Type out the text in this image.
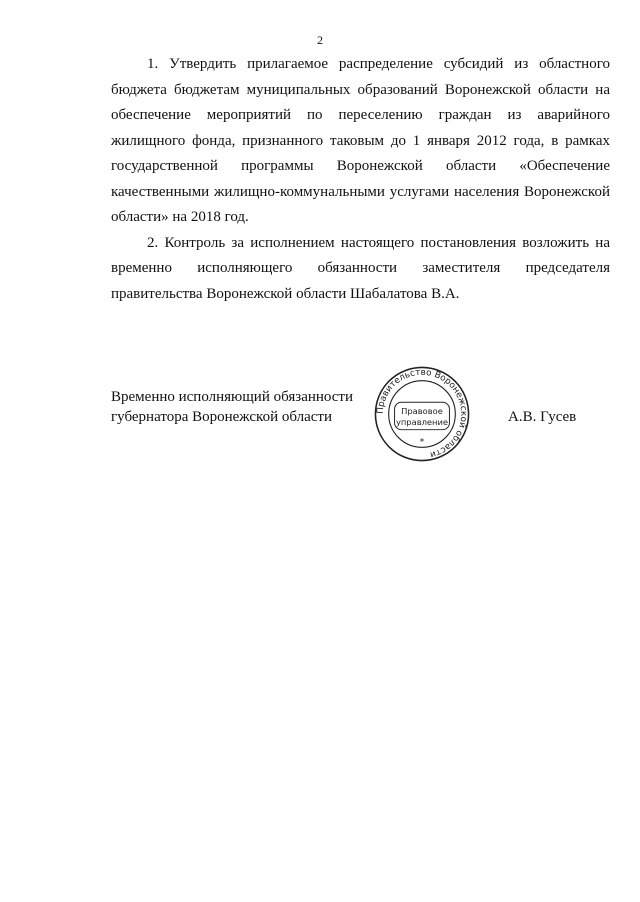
2

1. Утвердить прилагаемое распределение субсидий из областного бюджета бюджетам муниципальных образований Воронежской области на обеспечение мероприятий по переселению граждан из аварийного жилищного фонда, признанного таковым до 1 января 2012 года, в рамках государственной программы Воронежской области «Обеспечение качественными жилищно-коммунальными услугами населения Воронежской области» на 2018 год.

2. Контроль за исполнением настоящего постановления возложить на временно исполняющего обязанности заместителя председателя правительства Воронежской области Шабалатова В.А.

Временно исполняющий обязанности
губернатора Воронежской области	Правительство Воронежской области
Правовое
управление
*
А.В. Гусев
